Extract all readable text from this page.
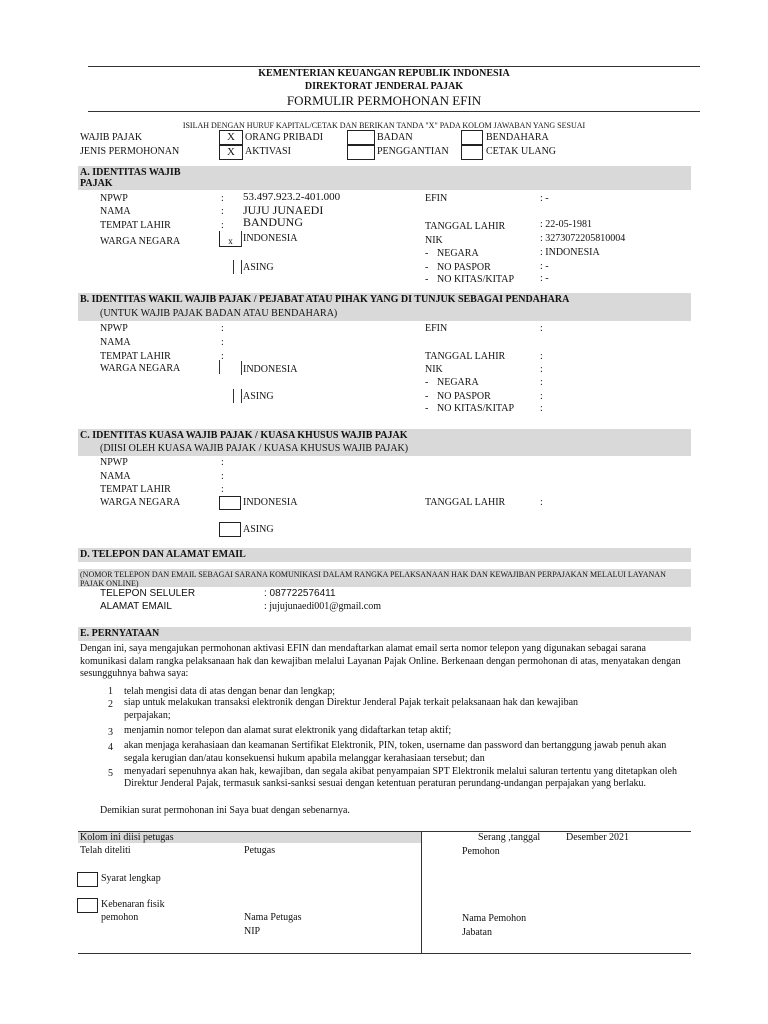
KEMENTERIAN KEUANGAN REPUBLIK INDONESIA
DIREKTORAT JENDERAL PAJAK
FORMULIR PERMOHONAN EFIN
ISILAH DENGAN HURUF KAPITAL/CETAK DAN BERIKAN TANDA "X" PADA KOLOM JAWABAN YANG SESUAI
WAJIB PAJAK	X	ORANG PRIBADI	BADAN	BENDAHARA
JENIS PERMOHONAN	X	AKTIVASI	PENGGANTIAN	CETAK ULANG
A. IDENTITAS WAJIB
PAJAK
NPWP	: 53.497.923.2-401.000	EFIN	: -
NAMA	: JUJU JUNAEDI
TEMPAT LAHIR	: BANDUNG	TANGGAL LAHIR	: 22-05-1981
WARGA NEGARA	x	INDONESIA	NIK	: 3273072205810004
- NEGARA	: INDONESIA
ASING	- NO PASPOR	: -
- NO KITAS/KITAP	: -
B. IDENTITAS WAKIL WAJIB PAJAK / PEJABAT ATAU PIHAK YANG DI TUNJUK SEBAGAI PENDAHARA
(UNTUK WAJIB PAJAK BADAN ATAU BENDAHARA)
NPWP	:	EFIN	:
NAMA	:
TEMPAT LAHIR	:	TANGGAL LAHIR	:
WARGA NEGARA	INDONESIA	NIK	:
- NEGARA	:
ASING	- NO PASPOR	:
- NO KITAS/KITAP	:
C. IDENTITAS KUASA WAJIB PAJAK / KUASA KHUSUS WAJIB PAJAK
(DIISI OLEH KUASA WAJIB PAJAK / KUASA KHUSUS WAJIB PAJAK)
NPWP	:
NAMA	:
TEMPAT LAHIR	:
WARGA NEGARA	INDONESIA	TANGGAL LAHIR	:
ASING
D. TELEPON DAN ALAMAT EMAIL
(NOMOR TELEPON DAN EMAIL SEBAGAI SARANA KOMUNIKASI DALAM RANGKA PELAKSANAAN HAK DAN KEWAJIBAN PERPAJAKAN MELALUI LAYANAN PAJAK ONLINE)
TELEPON SELULER	: 087722576411
ALAMAT EMAIL	: jujujunaedi001@gmail.com
E. PERNYATAAN
Dengan ini, saya mengajukan permohonan aktivasi EFIN dan mendaftarkan alamat email serta nomor telepon yang digunakan sebagai sarana komunikasi dalam rangka pelaksanaan hak dan kewajiban melalui Layanan Pajak Online. Berkenaan dengan permohonan di atas, menyatakan dengan sesungguhnya bahwa saya:
1 telah mengisi data di atas dengan benar dan lengkap;
2 siap untuk melakukan transaksi elektronik dengan Direktur Jenderal Pajak terkait pelaksanaan hak dan kewajiban perpajakan;
3 menjamin nomor telepon dan alamat surat elektronik yang didaftarkan tetap aktif;
4 akan menjaga kerahasiaan dan keamanan Sertifikat Elektronik, PIN, token, username dan password dan bertanggung jawab penuh akan segala kerugian dan/atau konsekuensi hukum apabila melanggar kerahasiaan tersebut; dan
5 menyadari sepenuhnya akan hak, kewajiban, dan segala akibat penyampaian SPT Elektronik melalui saluran tertentu yang ditetapkan oleh Direktur Jenderal Pajak, termasuk sanksi-sanksi sesuai dengan ketentuan peraturan perundang-undangan perpajakan yang berlaku.
Demikian surat permohonan ini Saya buat dengan sebenarnya.
Kolom ini diisi petugas	Serang ,tanggal	Desember 2021
Telah diteliti	Petugas	Pemohon
Syarat lengkap
Kebenaran fisik
pemohon	Nama Petugas
NIP
Nama Pemohon
Jabatan
